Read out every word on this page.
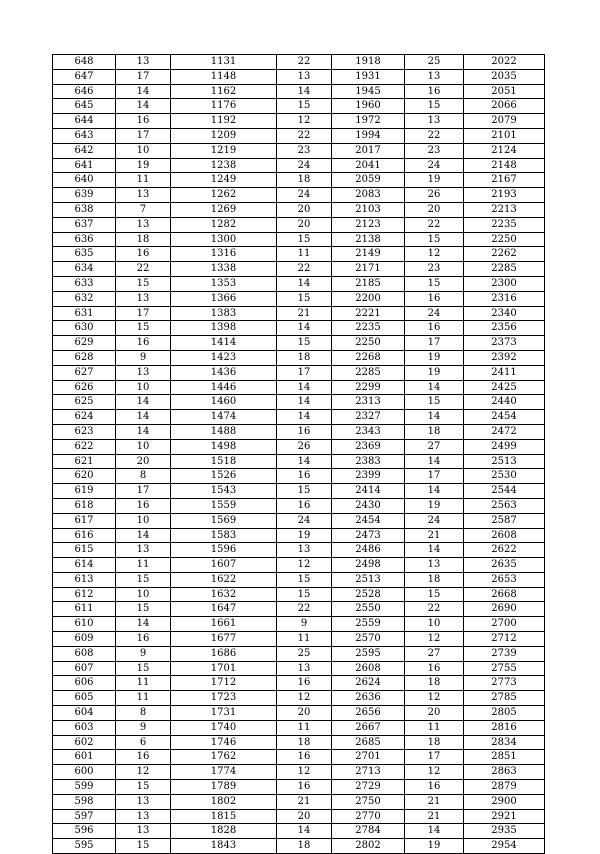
648	13	1131	22	1918	25	2022
647	17	1148	13	1931	13	2035
646	14	1162	14	1945	16	2051
645	14	1176	15	1960	15	2066
644	16	1192	12	1972	13	2079
643	17	1209	22	1994	22	2101
642	10	1219	23	2017	23	2124
641	19	1238	24	2041	24	2148
640	11	1249	18	2059	19	2167
639	13	1262	24	2083	26	2193
638	7	1269	20	2103	20	2213
637	13	1282	20	2123	22	2235
636	18	1300	15	2138	15	2250
635	16	1316	11	2149	12	2262
634	22	1338	22	2171	23	2285
633	15	1353	14	2185	15	2300
632	13	1366	15	2200	16	2316
631	17	1383	21	2221	24	2340
630	15	1398	14	2235	16	2356
629	16	1414	15	2250	17	2373
628	9	1423	18	2268	19	2392
627	13	1436	17	2285	19	2411
626	10	1446	14	2299	14	2425
625	14	1460	14	2313	15	2440
624	14	1474	14	2327	14	2454
623	14	1488	16	2343	18	2472
622	10	1498	26	2369	27	2499
621	20	1518	14	2383	14	2513
620	8	1526	16	2399	17	2530
619	17	1543	15	2414	14	2544
618	16	1559	16	2430	19	2563
617	10	1569	24	2454	24	2587
616	14	1583	19	2473	21	2608
615	13	1596	13	2486	14	2622
614	11	1607	12	2498	13	2635
613	15	1622	15	2513	18	2653
612	10	1632	15	2528	15	2668
611	15	1647	22	2550	22	2690
610	14	1661	9	2559	10	2700
609	16	1677	11	2570	12	2712
608	9	1686	25	2595	27	2739
607	15	1701	13	2608	16	2755
606	11	1712	16	2624	18	2773
605	11	1723	12	2636	12	2785
604	8	1731	20	2656	20	2805
603	9	1740	11	2667	11	2816
602	6	1746	18	2685	18	2834
601	16	1762	16	2701	17	2851
600	12	1774	12	2713	12	2863
599	15	1789	16	2729	16	2879
598	13	1802	21	2750	21	2900
597	13	1815	20	2770	21	2921
596	13	1828	14	2784	14	2935
595	15	1843	18	2802	19	2954
